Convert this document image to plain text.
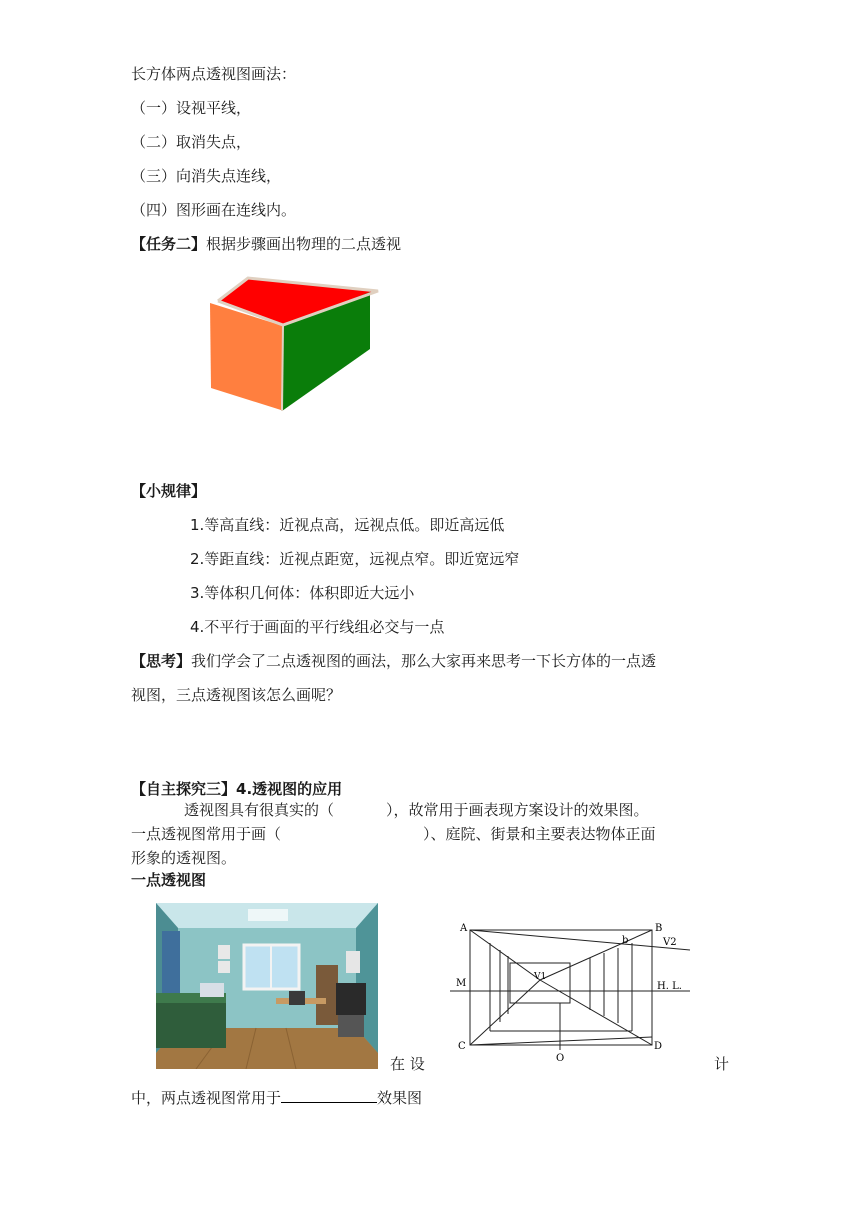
长方体两点透视图画法：
（一）设视平线，
（二）取消失点，
（三）向消失点连线，
（四）图形画在连线内。
【任务二】根据步骤画出物理的二点透视
【小规律】
1.等高直线：近视点高，远视点低。即近高远低
2.等距直线：近视点距宽，远视点窄。即近宽远窄
3.等体积几何体：体积即近大远小
4.不平行于画面的平行线组必交与一点
【思考】我们学会了二点透视图的画法，那么大家再来思考一下长方体的一点透
视图，三点透视图该怎么画呢？
【自主探究三】4.透视图的应用
透视图具有很真实的（	），故常用于画表现方案设计的效果图。
一点透视图常用于画（	）、庭院、街景和主要表达物体正面
形象的透视图。
一点透视图
A	B
V2
b
M
V1
H. L.
C
O
D
在 设	计
中，两点透视图常用于	效果图
